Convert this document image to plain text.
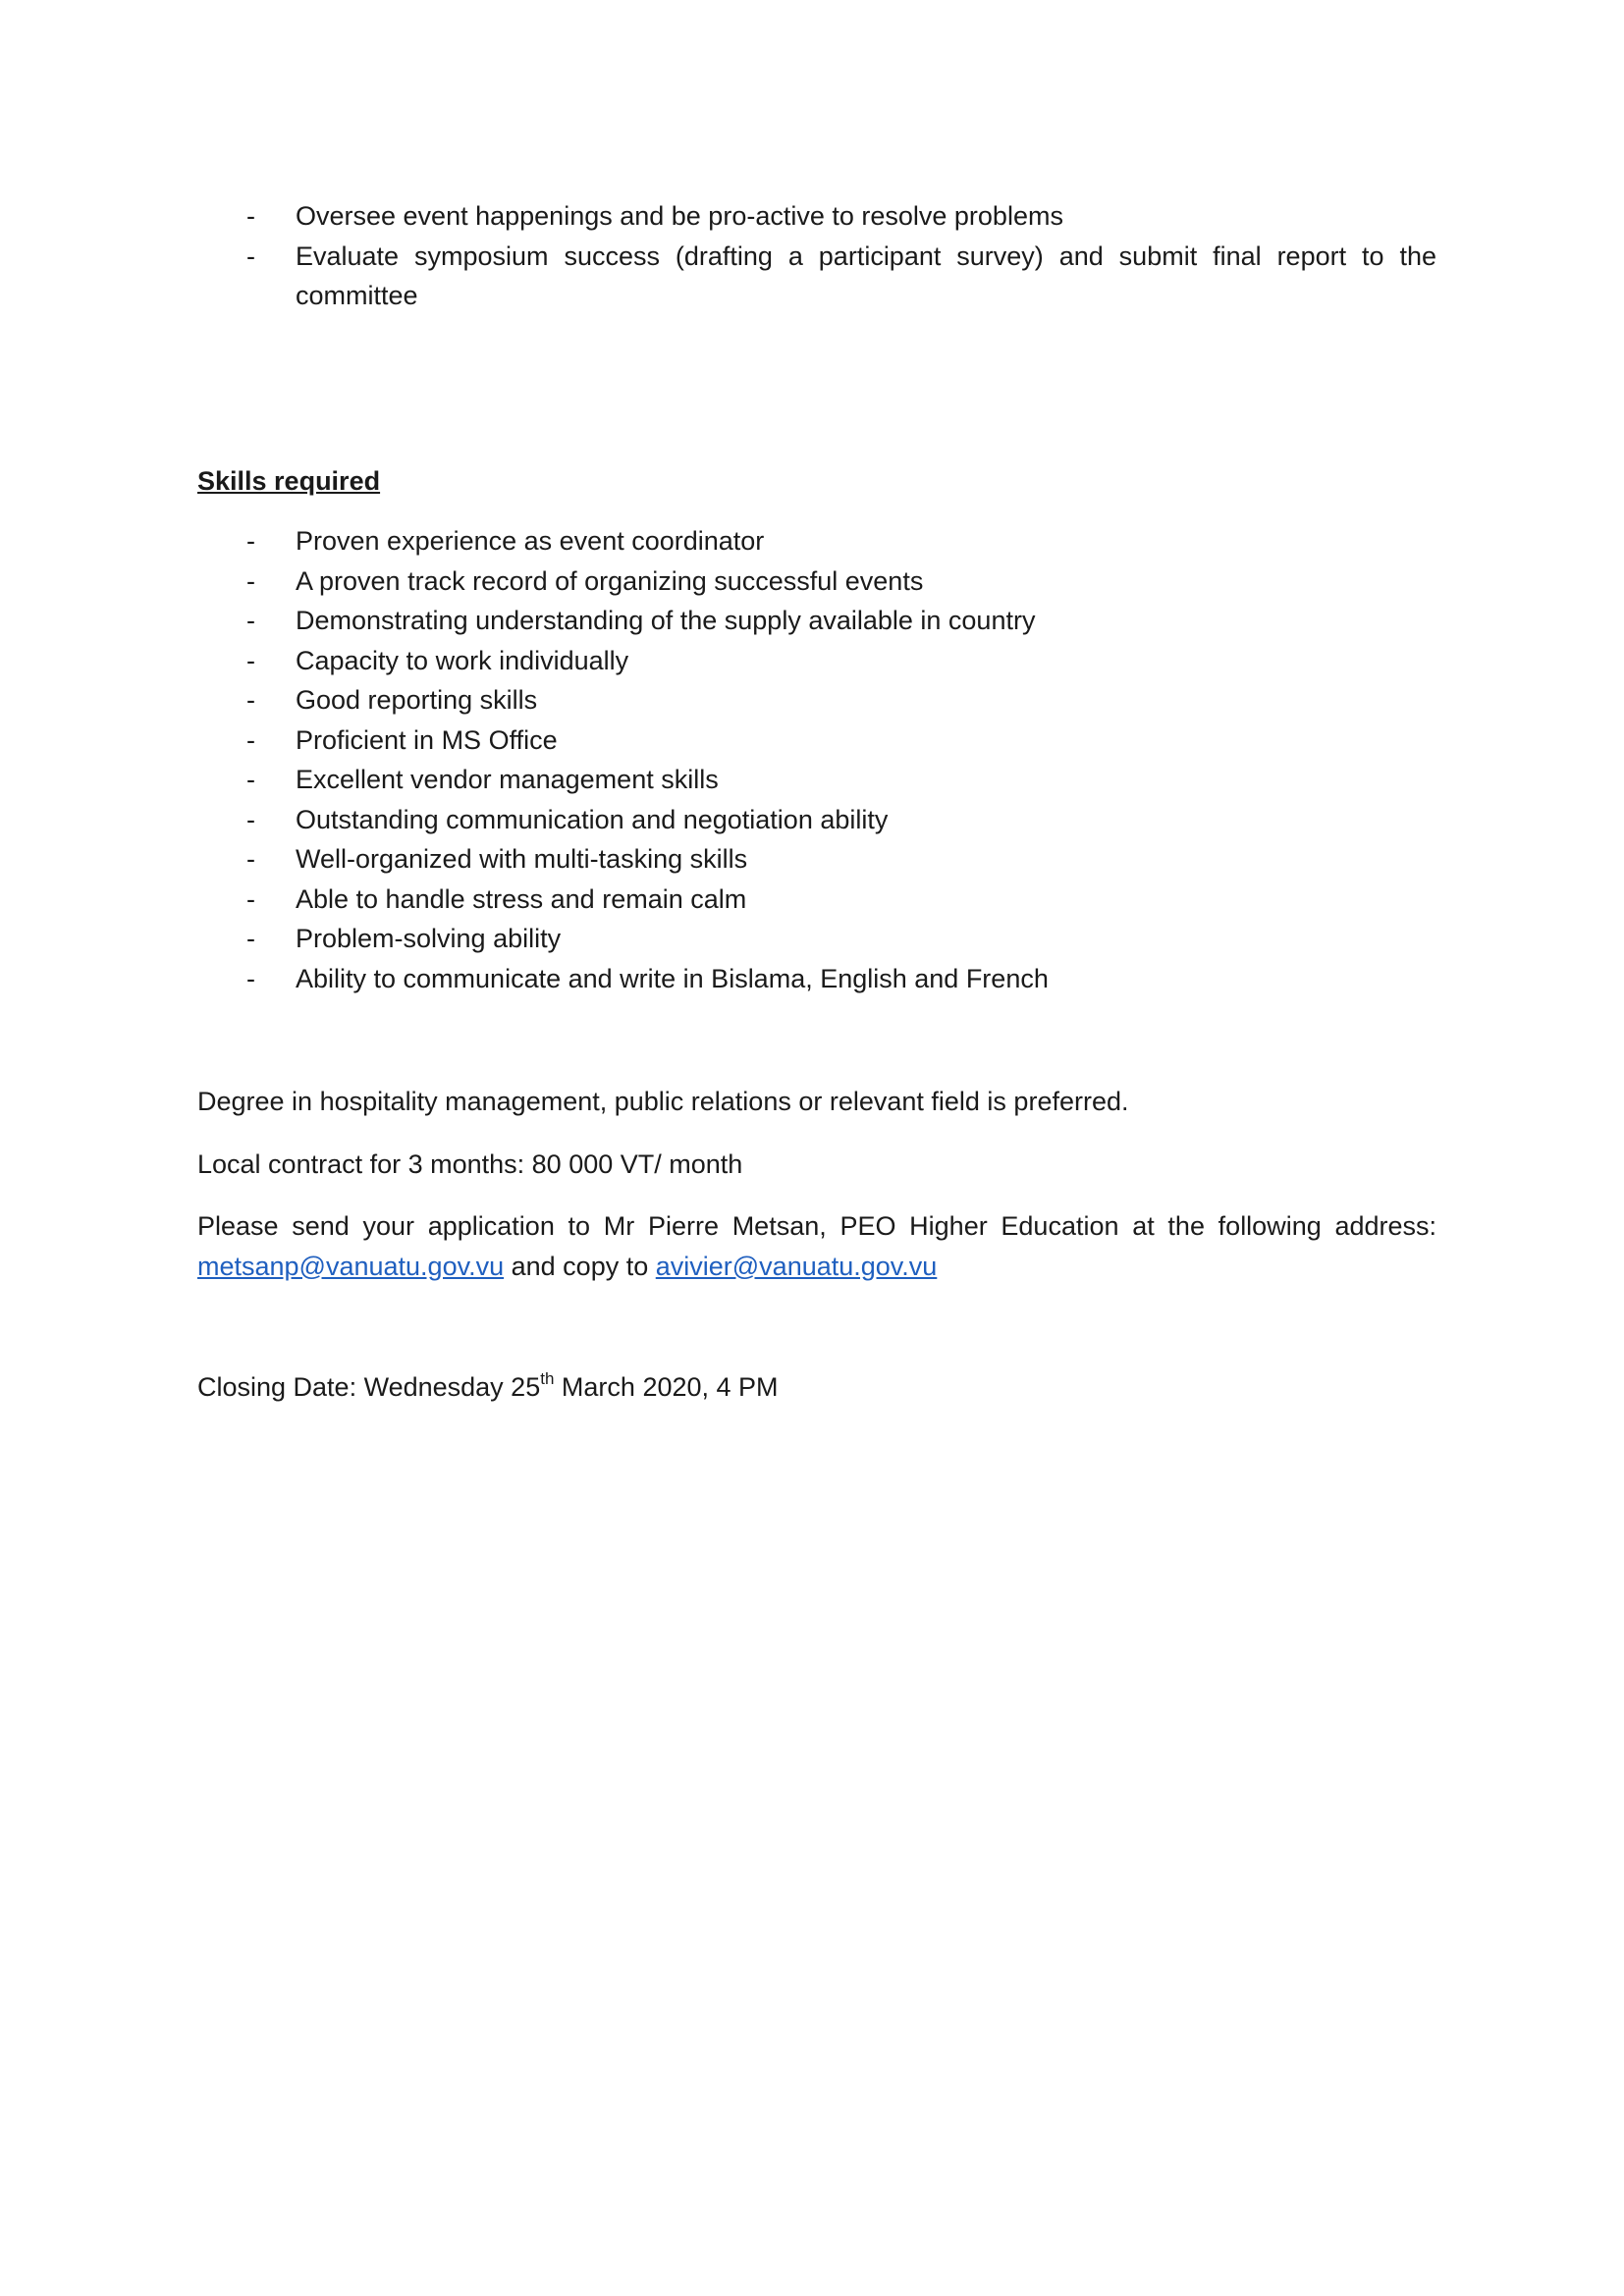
- Oversee event happenings and be pro-active to resolve problems
- Evaluate symposium success (drafting a participant survey) and submit final report to the committee
Skills required
- Proven experience as event coordinator
- A proven track record of organizing successful events
- Demonstrating understanding of the supply available in country
- Capacity to work individually
- Good reporting skills
- Proficient in MS Office
- Excellent vendor management skills
- Outstanding communication and negotiation ability
- Well-organized with multi-tasking skills
- Able to handle stress and remain calm
- Problem-solving ability
- Ability to communicate and write in Bislama, English and French

Degree in hospitality management, public relations or relevant field is preferred.

Local contract for 3 months: 80 000 VT/ month

Please send your application to Mr Pierre Metsan, PEO Higher Education at the following address: metsanp@vanuatu.gov.vu and copy to avivier@vanuatu.gov.vu

Closing Date: Wednesday 25th March 2020, 4 PM
